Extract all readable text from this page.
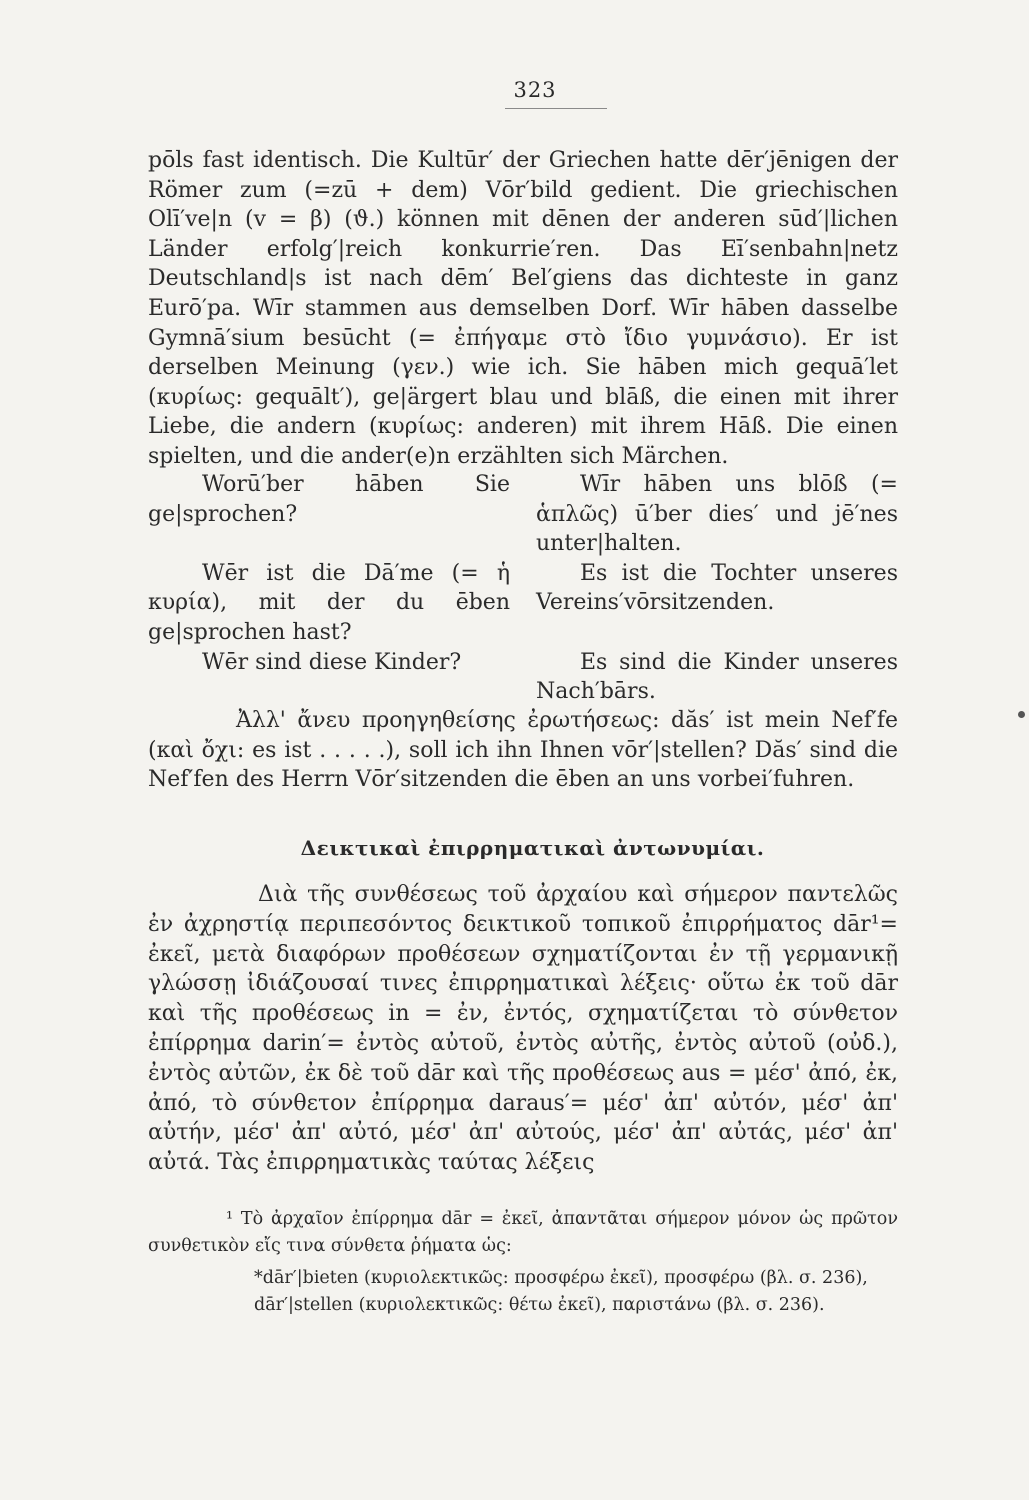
323

pōls fast identisch. Die Kultūr′ der Griechen hatte dēr′jēnigen der Römer zum (=zū + dem) Vōr′bild gedient. Die griechischen Olī′ve|n (v = β) (ϑ.) können mit dēnen der anderen sūd′|lichen Länder erfolg′|reich konkurrie′ren. Das Eī′senbahn|netz Deutschland|s ist nach dēm′ Bel′giens das dichteste in ganz Eurō′pa. Wīr stammen aus demselben Dorf. Wīr hāben dasselbe Gymnā′sium besūcht (= ἐπήγαμε στὸ ἴδιο γυμνάσιο). Er ist derselben Meinung (γεν.) wie ich. Sie hāben mich gequā′let (κυρίως: gequālt′), ge|ärgert blau und blāß, die einen mit ihrer Liebe, die andern (κυρίως: anderen) mit ihrem Hāß. Die einen spielten, und die ander(e)n erzählten sich Märchen.

Worū′ber hāben Sie ge|sprochen?
Wīr hāben uns blōß (= ἁπλῶς) ū′ber dies′ und jē′nes unter|halten.
Wēr ist die Dā′me (= ἡ κυρία), mit der du ēben ge|sprochen hast?
Es ist die Tochter unseres Vereins′vōrsitzenden.
Wēr sind diese Kinder?	Es sind die Kinder unseres Nach′bārs.

Ἀλλ' ἄνευ προηγηθείσης ἐρωτήσεως: dăs′ ist mein Nef′fe (καὶ ὄχι: es ist . . . . .), soll ich ihn Ihnen vōr′|stellen? Dăs′ sind die Nef′fen des Herrn Vōr′sitzenden die ēben an uns vorbei′fuhren.

Δεικτικαὶ ἐπιρρηματικαὶ ἀντωνυμίαι.

Διὰ τῆς συνθέσεως τοῦ ἀρχαίου καὶ σήμερον παντελῶς ἐν ἀχρηστίᾳ περιπεσόντος δεικτικοῦ τοπικοῦ ἐπιρρήματος dār¹= ἐκεῖ, μετὰ διαφόρων προθέσεων σχηματίζονται ἐν τῇ γερμανικῇ γλώσσῃ ἰδιάζουσαί τινες ἐπιρρηματικαὶ λέξεις· οὕτω ἐκ τοῦ dār καὶ τῆς προθέσεως in = ἐν, ἐντός, σχηματίζεται τὸ σύνθετον ἐπίρρημα darin′= ἐντὸς αὐτοῦ, ἐντὸς αὐτῆς, ἐντὸς αὐτοῦ (οὐδ.), ἐντὸς αὐτῶν, ἐκ δὲ τοῦ dār καὶ τῆς προθέσεως aus = μέσ' ἀπό, ἐκ, ἀπό, τὸ σύνθετον ἐπίρρημα daraus′= μέσ' ἀπ' αὐτόν, μέσ' ἀπ' αὐτήν, μέσ' ἀπ' αὐτό, μέσ' ἀπ' αὐτούς, μέσ' ἀπ' αὐτάς, μέσ' ἀπ' αὐτά. Τὰς ἐπιρρηματικὰς ταύτας λέξεις

¹ Τὸ ἀρχαῖον ἐπίρρημα dār = ἐκεῖ, ἀπαντᾶται σήμερον μόνον ὡς πρῶτον συνθετικὸν εἴς τινα σύνθετα ῥήματα ὡς:

*dār′|bieten (κυριολεκτικῶς: προσφέρω ἐκεῖ), προσφέρω (βλ. σ. 236),
dār′|stellen (κυριολεκτικῶς: θέτω ἐκεῖ), παριστάνω (βλ. σ. 236).
